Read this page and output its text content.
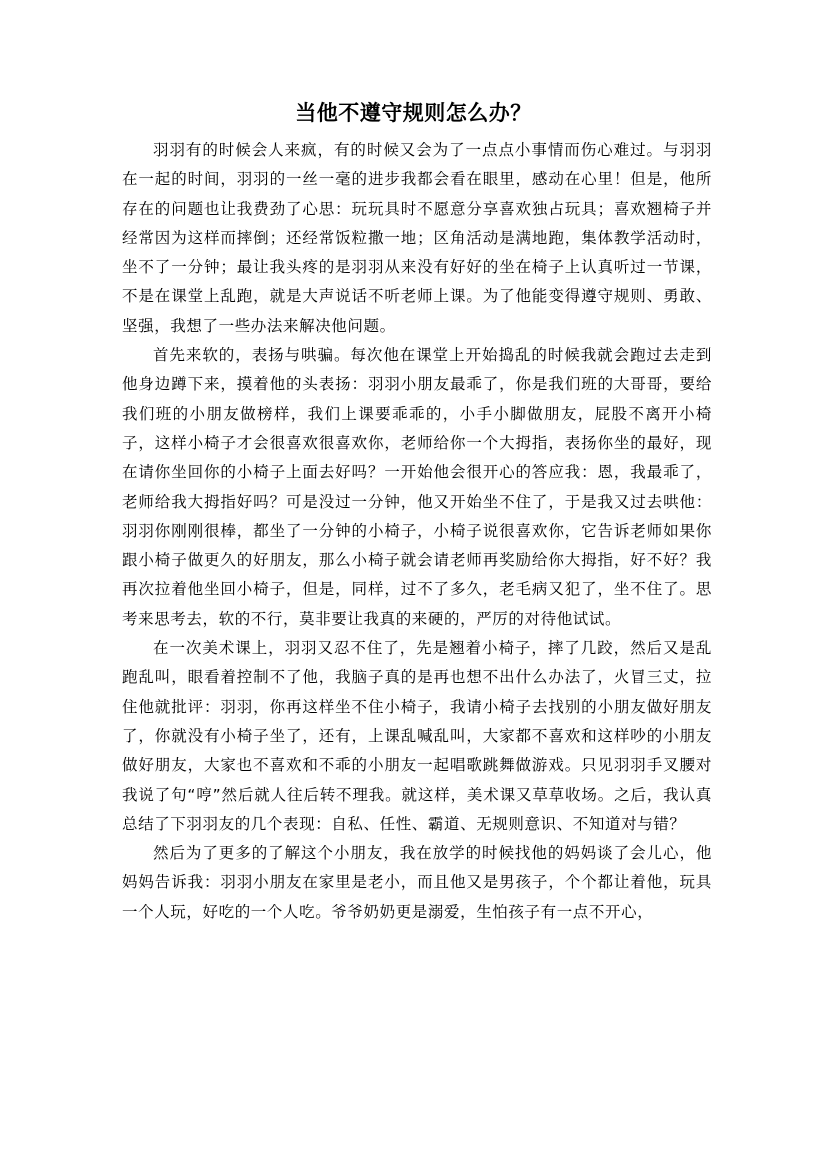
当他不遵守规则怎么办？

羽羽有的时候会人来疯，有的时候又会为了一点点小事情而伤心难过。与羽羽在一起的时间，羽羽的一丝一毫的进步我都会看在眼里，感动在心里！但是，他所存在的问题也让我费劲了心思：玩玩具时不愿意分享喜欢独占玩具；喜欢翘椅子并经常因为这样而摔倒；还经常饭粒撒一地；区角活动是满地跑，集体教学活动时，坐不了一分钟；最让我头疼的是羽羽从来没有好好的坐在椅子上认真听过一节课，不是在课堂上乱跑，就是大声说话不听老师上课。为了他能变得遵守规则、勇敢、坚强，我想了一些办法来解决他问题。

首先来软的，表扬与哄骗。每次他在课堂上开始捣乱的时候我就会跑过去走到他身边蹲下来，摸着他的头表扬：羽羽小朋友最乖了，你是我们班的大哥哥，要给我们班的小朋友做榜样，我们上课要乖乖的，小手小脚做朋友，屁股不离开小椅子，这样小椅子才会很喜欢很喜欢你，老师给你一个大拇指，表扬你坐的最好，现在请你坐回你的小椅子上面去好吗？一开始他会很开心的答应我：恩，我最乖了，老师给我大拇指好吗？可是没过一分钟，他又开始坐不住了，于是我又过去哄他：羽羽你刚刚很棒，都坐了一分钟的小椅子，小椅子说很喜欢你，它告诉老师如果你跟小椅子做更久的好朋友，那么小椅子就会请老师再奖励给你大拇指，好不好？我再次拉着他坐回小椅子，但是，同样，过不了多久，老毛病又犯了，坐不住了。思考来思考去，软的不行，莫非要让我真的来硬的，严厉的对待他试试。

在一次美术课上，羽羽又忍不住了，先是翘着小椅子，摔了几跤，然后又是乱跑乱叫，眼看着控制不了他，我脑子真的是再也想不出什么办法了，火冒三丈，拉住他就批评：羽羽，你再这样坐不住小椅子，我请小椅子去找别的小朋友做好朋友了，你就没有小椅子坐了，还有，上课乱喊乱叫，大家都不喜欢和这样吵的小朋友做好朋友，大家也不喜欢和不乖的小朋友一起唱歌跳舞做游戏。只见羽羽手叉腰对我说了句“哼”然后就人往后转不理我。就这样，美术课又草草收场。之后，我认真总结了下羽羽友的几个表现：自私、任性、霸道、无规则意识、不知道对与错？

然后为了更多的了解这个小朋友，我在放学的时候找他的妈妈谈了会儿心，他妈妈告诉我：羽羽小朋友在家里是老小，而且他又是男孩子，个个都让着他，玩具一个人玩，好吃的一个人吃。爷爷奶奶更是溺爱，生怕孩子有一点不开心，
